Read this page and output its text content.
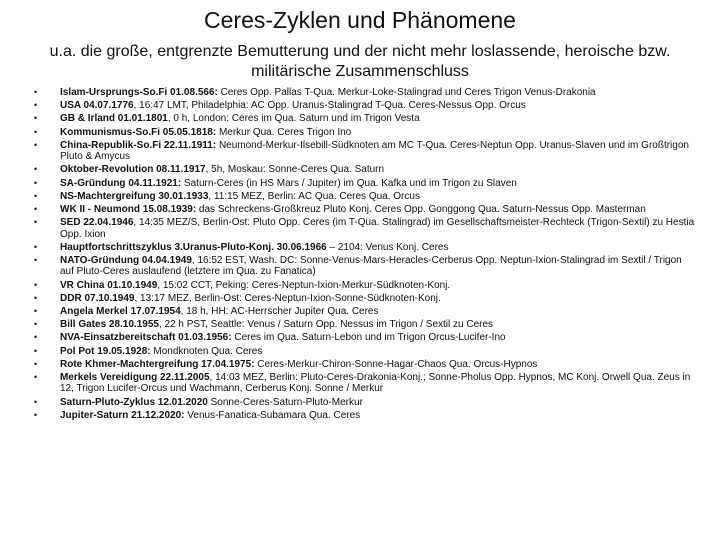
Ceres-Zyklen und Phänomene

u.a. die große, entgrenzte Bemutterung und der nicht mehr loslassende, heroische bzw. militärische Zusammenschluss

• Islam-Ursprungs-So.Fi 01.08.566: Ceres Opp. Pallas T-Qua. Merkur-Loke-Stalingrad und Ceres Trigon Venus-Drakonia
• USA 04.07.1776, 16:47 LMT, Philadelphia: AC Opp. Uranus-Stalingrad T-Qua. Ceres-Nessus Opp. Orcus
• GB & Irland 01.01.1801, 0 h, London: Ceres im Qua. Saturn und im Trigon Vesta
• Kommunismus-So.Fi 05.05.1818: Merkur Qua. Ceres Trigon Ino
• China-Republik-So.Fi 22.11.1911: Neumond-Merkur-Ilsebill-Südknoten am MC T-Qua. Ceres-Neptun Opp. Uranus-Slaven und im Großtrigon Pluto & Amycus
• Oktober-Revolution 08.11.1917, 5h, Moskau: Sonne-Ceres Qua. Saturn
• SA-Gründung 04.11.1921: Saturn-Ceres (in HS Mars / Jupiter) im Qua. Kafka und im Trigon zu Slaven
• NS-Machtergreifung 30.01.1933, 11:15 MEZ, Berlin: AC Qua. Ceres Qua. Orcus
• WK II - Neumond 15.08.1939: das Schreckens-Großkreuz Pluto Konj. Ceres Opp. Gonggong Qua. Saturn-Nessus Opp. Masterman
• SED 22.04.1946, 14:35 MEZ/S, Berlin-Ost: Pluto Opp. Ceres (im T-Qua. Stalingrad) im Gesellschaftsmeister-Rechteck (Trigon-Sextil) zu Hestia Opp. Ixion
• Hauptfortschrittszyklus 3.Uranus-Pluto-Konj. 30.06.1966 – 2104: Venus Konj. Ceres
• NATO-Gründung 04.04.1949, 16:52 EST, Wash. DC: Sonne-Venus-Mars-Heracles-Cerberus Opp. Neptun-Ixion-Stalingrad im Sextil / Trigon auf Pluto-Ceres auslaufend (letztere im Qua. zu Fanatica)
• VR China 01.10.1949, 15:02 CCT, Peking: Ceres-Neptun-Ixion-Merkur-Südknoten-Konj.
• DDR 07.10.1949, 13:17 MEZ, Berlin-Ost: Ceres-Neptun-Ixion-Sonne-Südknoten-Konj.
• Angela Merkel 17.07.1954, 18 h, HH: AC-Herrscher Jupiter Qua. Ceres
• Bill Gates 28.10.1955, 22 h PST, Seattle: Venus / Saturn Opp. Nessus im Trigon / Sextil zu Ceres
• NVA-Einsatzbereitschaft 01.03.1956: Ceres im Qua. Saturn-Lebon und im Trigon Orcus-Lucifer-Ino
• Pol Pot 19.05.1928: Mondknoten Qua. Ceres
• Rote Khmer-Machtergreifung 17.04.1975: Ceres-Merkur-Chiron-Sonne-Hagar-Chaos Qua. Orcus-Hypnos
• Merkels Vereidigung 22.11.2005, 14:03 MEZ, Berlin: Pluto-Ceres-Drakonia-Konj.; Sonne-Pholus Opp. Hypnos, MC Konj. Orwell Qua. Zeus in 12, Trigon Lucifer-Orcus und Wachmann, Cerberus Konj. Sonne / Merkur
• Saturn-Pluto-Zyklus 12.01.2020 Sonne-Ceres-Saturn-Pluto-Merkur
• Jupiter-Saturn 21.12.2020: Venus-Fanatica-Subamara Qua. Ceres
